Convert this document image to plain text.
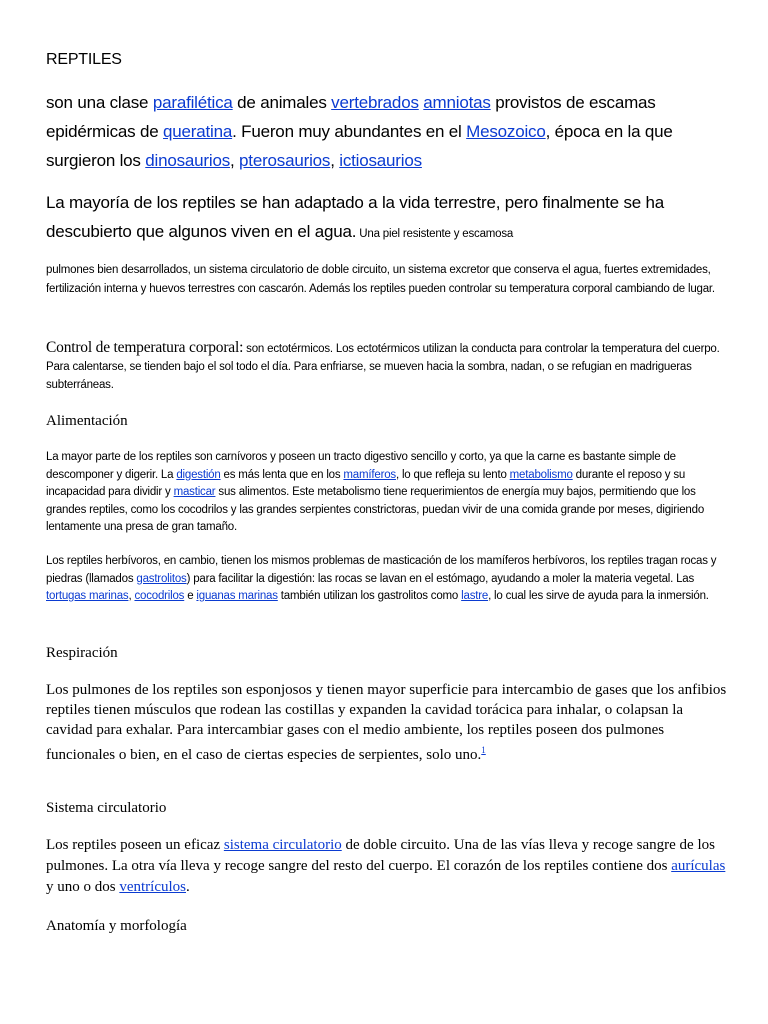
REPTILES

son una clase parafilética de animales vertebrados amniotas provistos de escamas epidérmicas de queratina. Fueron muy abundantes en el Mesozoico, época en la que surgieron los dinosaurios, pterosaurios, ictiosaurios

La mayoría de los reptiles se han adaptado a la vida terrestre, pero finalmente se ha descubierto que algunos viven en el agua. Una piel resistente y escamosa

pulmones bien desarrollados, un sistema circulatorio de doble circuito, un sistema excretor que conserva el agua, fuertes extremidades, fertilización interna y huevos terrestres con cascarón. Además los reptiles pueden controlar su temperatura corporal cambiando de lugar.

Control de temperatura corporal: son ectotérmicos. Los ectotérmicos utilizan la conducta para controlar la temperatura del cuerpo. Para calentarse, se tienden bajo el sol todo el día. Para enfriarse, se mueven hacia la sombra, nadan, o se refugian en madrigueras subterráneas.

Alimentación

La mayor parte de los reptiles son carnívoros y poseen un tracto digestivo sencillo y corto, ya que la carne es bastante simple de descomponer y digerir. La digestión es más lenta que en los mamíferos, lo que refleja su lento metabolismo durante el reposo y su incapacidad para dividir y masticar sus alimentos. Este metabolismo tiene requerimientos de energía muy bajos, permitiendo que los grandes reptiles, como los cocodrilos y las grandes serpientes constrictoras, puedan vivir de una comida grande por meses, digiriendo lentamente una presa de gran tamaño.

Los reptiles herbívoros, en cambio, tienen los mismos problemas de masticación de los mamíferos herbívoros, los reptiles tragan rocas y piedras (llamados gastrolitos) para facilitar la digestión: las rocas se lavan en el estómago, ayudando a moler la materia vegetal. Las tortugas marinas, cocodrilos e iguanas marinas también utilizan los gastrolitos como lastre, lo cual les sirve de ayuda para la inmersión.

Respiración

Los pulmones de los reptiles son esponjosos y tienen mayor superficie para intercambio de gases que los anfibios reptiles tienen músculos que rodean las costillas y expanden la cavidad torácica para inhalar, o colapsan la cavidad para exhalar. Para intercambiar gases con el medio ambiente, los reptiles poseen dos pulmones funcionales o bien, en el caso de ciertas especies de serpientes, solo uno.$^1$

Sistema circulatorio

Los reptiles poseen un eficaz sistema circulatorio de doble circuito. Una de las vías lleva y recoge sangre de los pulmones. La otra vía lleva y recoge sangre del resto del cuerpo. El corazón de los reptiles contiene dos aurículas y uno o dos ventrículos.

Anatomía y morfología
